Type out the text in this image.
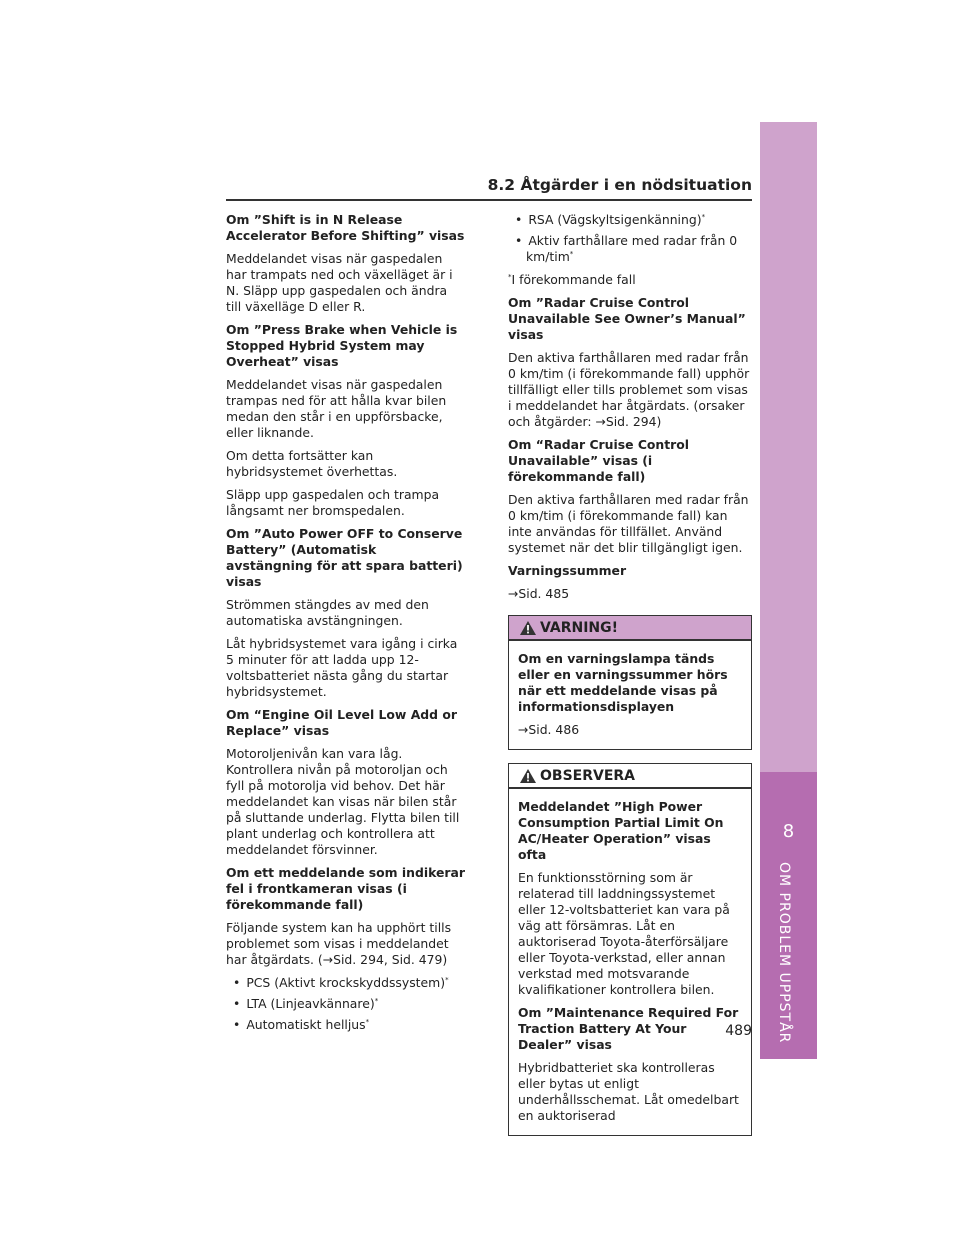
8.2 Åtgärder i en nödsituation
8
OM PROBLEM UPPSTÅR

Om ”Shift is in N Release Accelerator Before Shifting” visas

Meddelandet visas när gaspedalen har trampats ned och växelläget är i N. Släpp upp gaspedalen och ändra till växelläge D eller R.

Om ”Press Brake when Vehicle is Stopped Hybrid System may Overheat” visas

Meddelandet visas när gaspedalen trampas ned för att hålla kvar bilen medan den står i en uppförsbacke, eller liknande.

Om detta fortsätter kan hybridsystemet överhettas.

Släpp upp gaspedalen och trampa långsamt ner bromspedalen.

Om ”Auto Power OFF to Conserve Battery” (Automatisk avstängning för att spara batteri) visas

Strömmen stängdes av med den automatiska avstängningen.

Låt hybridsystemet vara igång i cirka 5 minuter för att ladda upp 12-voltsbatteriet nästa gång du startar hybridsystemet.

Om “Engine Oil Level Low Add or Replace” visas

Motoroljenivån kan vara låg. Kontrollera nivån på motoroljan och fyll på motorolja vid behov. Det här meddelandet kan visas när bilen står på sluttande underlag. Flytta bilen till plant underlag och kontrollera att meddelandet försvinner.

Om ett meddelande som indikerar fel i frontkameran visas (i förekommande fall)

Följande system kan ha upphört tills problemet som visas i meddelandet har åtgärdats. (→Sid. 294, Sid. 479)

• PCS (Aktivt krockskyddssystem)*
• LTA (Linjeavkännare)*
• Automatiskt helljus*
• RSA (Vägskyltsigenkänning)*
• Aktiv farthållare med radar från 0 km/tim*

*I förekommande fall

Om ”Radar Cruise Control Unavailable See Owner’s Manual” visas

Den aktiva farthållaren med radar från 0 km/tim (i förekommande fall) upphör tillfälligt eller tills problemet som visas i meddelandet har åtgärdats. (orsaker och åtgärder: →Sid. 294)

Om “Radar Cruise Control Unavailable” visas (i förekommande fall)

Den aktiva farthållaren med radar från 0 km/tim (i förekommande fall) kan inte användas för tillfället. Använd systemet när det blir tillgängligt igen.

Varningssummer

→Sid. 485

VARNING!

Om en varningslampa tänds eller en varningssummer hörs när ett meddelande visas på informationsdisplayen

→Sid. 486

OBSERVERA

Meddelandet ”High Power Consumption Partial Limit On AC/Heater Operation” visas ofta

En funktionsstörning som är relaterad till laddningssystemet eller 12-voltsbatteriet kan vara på väg att försämras. Låt en auktoriserad Toyota-återförsäljare eller Toyota-verkstad, eller annan verkstad med motsvarande kvalifikationer kontrollera bilen.

Om ”Maintenance Required For Traction Battery At Your Dealer” visas

Hybridbatteriet ska kontrolleras eller bytas ut enligt underhållsschemat. Låt omedelbart en auktoriserad

489
